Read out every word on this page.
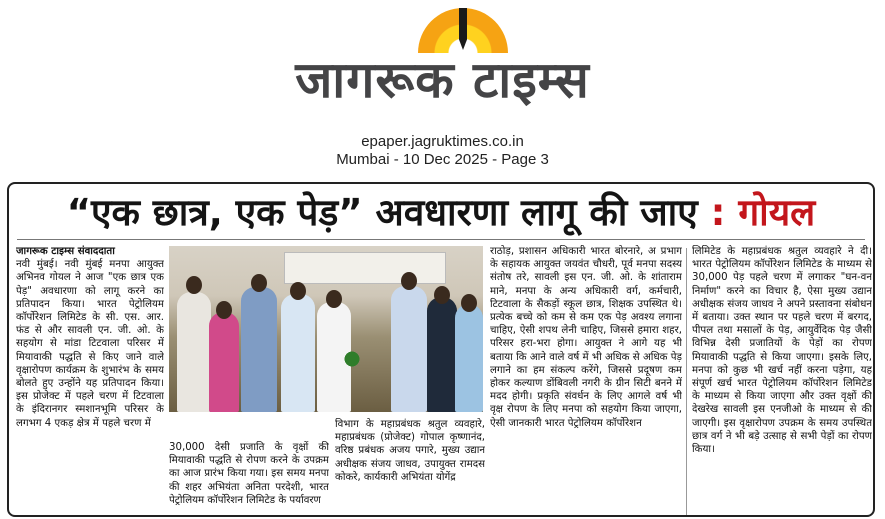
जागरूक टाइम्स
epaper.jagruktimes.co.in
Mumbai - 10 Dec 2025 - Page 3
“एक छात्र, एक पेड़” अवधारणा लागू की जाए : गोयल

जागरूक टाइम्स संवाददाता

नवी मुंबई। नवी मुंबई मनपा आयुक्त अभिनव गोयल ने आज "एक छात्र एक पेड़" अवधारणा को लागू करने का प्रतिपादन किया। भारत पेट्रोलियम कॉर्पोरेशन लिमिटेड के सी. एस. आर. फंड से और सावली एन. जी. ओ. के सहयोग से मांडा टिटवाला परिसर में मियावाकी पद्धति से किए जाने वाले वृक्षारोपण कार्यक्रम के शुभारंभ के समय बोलते हुए उन्होंने यह प्रतिपादन किया। इस प्रोजेक्ट में पहले चरण में टिटवाला के इंदिरानगर स्मशानभूमि परिसर के लगभग 4 एकड़ क्षेत्र में पहले चरण में

30,000 देसी प्रजाति के वृक्षों की मियावाकी पद्धति से रोपण करने के उपक्रम का आज प्रारंभ किया गया। इस समय मनपा की शहर अभियंता अनिता परदेशी, भारत पेट्रोलियम कॉर्पोरेशन लिमिटेड के पर्यावरण

विभाग के महाप्रबंधक श्रतुल व्यवहारे, महाप्रबंधक (प्रोजेक्ट) गोपाल कृष्णानंद, वरिष्ठ प्रबंधक अजय पगारे, मुख्य उद्यान अधीक्षक संजय जाधव, उपायुक्त रामदस कोकरे, कार्यकारी अभियंता योगेंद्र

राठोड़, प्रशासन अधिकारी भारत बोरनारे, अ प्रभाग के सहायक आयुक्त जयवंत चौधरी, पूर्व मनपा सदस्य संतोष तरे, सावली इस एन. जी. ओ. के शांताराम माने, मनपा के अन्य अधिकारी वर्ग, कर्मचारी, टिटवाला के सैकड़ों स्कूल छात्र, शिक्षक उपस्थित थे। प्रत्येक बच्चे को कम से कम एक पेड़ अवश्य लगाना चाहिए, ऐसी शपथ लेनी चाहिए, जिससे हमारा शहर, परिसर हरा-भरा होगा। आयुक्त ने आगे यह भी बताया कि आने वाले वर्ष में भी अधिक से अधिक पेड़ लगाने का हम संकल्प करेंगे, जिससे प्रदूषण कम होकर कल्याण डोंबिवली नगरी के ग्रीन सिटी बनने में मदद होगी। प्रकृति संवर्धन के लिए आगले वर्ष भी वृक्ष रोपण के लिए मनपा को सहयोग किया जाएगा, ऐसी जानकारी भारत पेट्रोलियम कॉर्पोरेशन

लिमिटेड के महाप्रबंधक श्रतुल व्यवहारे ने दी। भारत पेट्रोलियम कॉर्पोरेशन लिमिटेड के माध्यम से 30,000 पेड़ पहले चरण में लगाकर "घन-वन निर्माण" करने का विचार है, ऐसा मुख्य उद्यान अधीक्षक संजय जाधव ने अपने प्रस्तावना संबोधन में बताया। उक्त स्थान पर पहले चरण में बरगद, पीपल तथा मसालों के पेड़, आयुर्वेदिक पेड़ जैसी विभिन्न देसी प्रजातियों के पेड़ों का रोपण मियावाकी पद्धति से किया जाएगा। इसके लिए, मनपा को कुछ भी खर्च नहीं करना पड़ेगा, यह संपूर्ण खर्च भारत पेट्रोलियम कॉर्पोरेशन लिमिटेड के माध्यम से किया जाएगा और उक्त वृक्षों की देखरेख सावली इस एनजीओ के माध्यम से की जाएगी। इस वृक्षारोपण उपक्रम के समय उपस्थित छात्र वर्ग ने भी बड़े उत्साह से सभी पेड़ों का रोपण किया।
